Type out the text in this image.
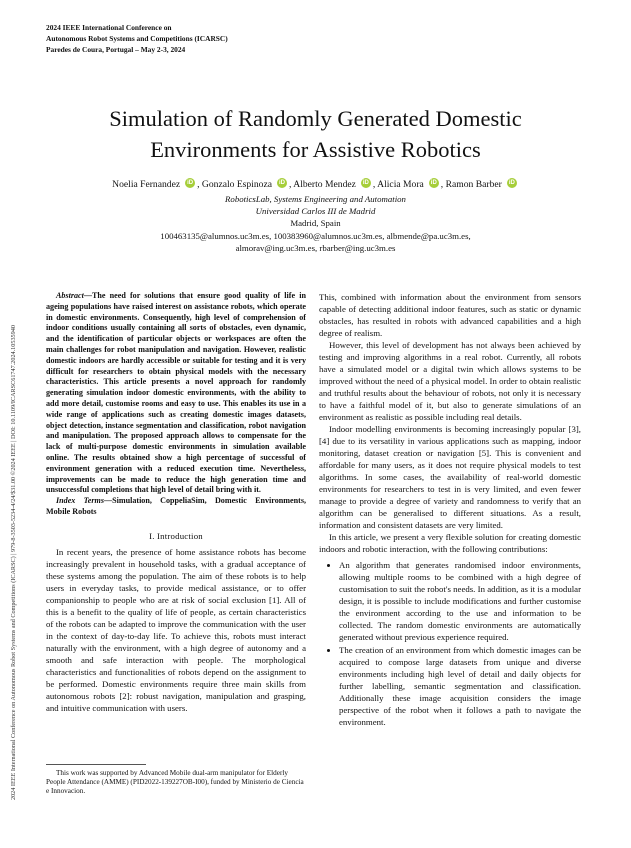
2024 IEEE International Conference on
Autonomous Robot Systems and Competitions (ICARSC)
Paredes de Coura, Portugal – May 2-3, 2024
2024 IEEE International Conference on Autonomous Robot Systems and Competitions (ICARSC) | 979-8-3503-5234-4/24/$31.00 ©2024 IEEE | DOI: 10.1109/ICARSC61747.2024.10535940
Simulation of Randomly Generated Domestic
Environments for Assistive Robotics
Noelia Fernandez iD , Gonzalo Espinoza iD , Alberto Mendez iD , Alicia Mora iD , Ramon Barber iD
RoboticsLab, Systems Engineering and Automation
Universidad Carlos III de Madrid
Madrid, Spain
100463135@alumnos.uc3m.es, 100383960@alumnos.uc3m.es, albmende@pa.uc3m.es,
almorav@ing.uc3m.es, rbarber@ing.uc3m.es

Abstract—The need for solutions that ensure good quality of life in ageing populations have raised interest on assistance robots, which operate in domestic environments. Consequently, high level of comprehension of indoor conditions usually containing all sorts of obstacles, even dynamic, and the identification of particular objects or workspaces are often the main challenges for robot manipulation and navigation. However, realistic domestic indoors are hardly accessible or suitable for testing and it is very difficult for researchers to obtain physical models with the necessary characteristics. This article presents a novel approach for randomly generating simulation indoor domestic environments, with the ability to add more detail, customise rooms and easy to use. This enables its use in a wide range of applications such as creating domestic images datasets, object detection, instance segmentation and classification, robot navigation and manipulation. The proposed approach allows to compensate for the lack of multi-purpose domestic environments in simulation available online. The results obtained show a high percentage of successful of environment generation with a reduced execution time. Nevertheless, improvements can be made to reduce the high generation time and unsuccessful completions that high level of detail bring with it.

Index Terms—Simulation, CoppeliaSim, Domestic Environments, Mobile Robots

I. Introduction

In recent years, the presence of home assistance robots has become increasingly prevalent in household tasks, with a gradual acceptance of these systems among the population. The aim of these robots is to help users in everyday tasks, to provide medical assistance, or to offer companionship to people who are at risk of social exclusion [1]. All of this is a benefit to the quality of life of people, as certain characteristics of the robots can be adapted to improve the communication with the user in the context of day-to-day life. To achieve this, robots must interact naturally with the environment, with a high degree of autonomy and a smooth and safe interaction with people. The morphological characteristics and functionalities of robots depend on the assignment to be performed. Domestic environments require three main skills from autonomous robots [2]: robust navigation, manipulation and grasping, and intuitive communication with users.

This work was supported by Advanced Mobile dual-arm manipulator for Elderly People Attendance (AMME) (PID2022-139227OB-I00), funded by Ministerio de Ciencia e Innovacion.

This, combined with information about the environment from sensors capable of detecting additional indoor features, such as static or dynamic obstacles, has resulted in robots with advanced capabilities and a high degree of realism.

However, this level of development has not always been achieved by testing and improving algorithms in a real robot. Currently, all robots have a simulated model or a digital twin which allows systems to be improved without the need of a physical model. In order to obtain realistic and truthful results about the behaviour of robots, not only it is necessary to have a faithful model of it, but also to generate simulations of an environment as realistic as possible including real details.

Indoor modelling environments is becoming increasingly popular [3], [4] due to its versatility in various applications such as mapping, indoor monitoring, dataset creation or navigation [5]. This is convenient and affordable for many users, as it does not require physical models to test algorithms. In some cases, the availability of real-world domestic environments for researchers to test in is very limited, and even fewer manage to provide a degree of variety and randomness to verify that an algorithm can be generalised to different situations. As a result, information and consistent datasets are very limited.

In this article, we present a very flexible solution for creating domestic indoors and robotic interaction, with the following contributions:

• An algorithm that generates randomised indoor environments, allowing multiple rooms to be combined with a high degree of customisation to suit the robot's needs. In addition, as it is a modular design, it is possible to include modifications and further customise the environment according to the use and information to be collected. The random domestic environments are automatically generated without previous experience required.
• The creation of an environment from which domestic images can be acquired to compose large datasets from unique and diverse environments including high level of detail and daily objects for further labelling, semantic segmentation and classification. Additionally these image acquisition considers the image perspective of the robot when it follows a path to navigate the environment.
